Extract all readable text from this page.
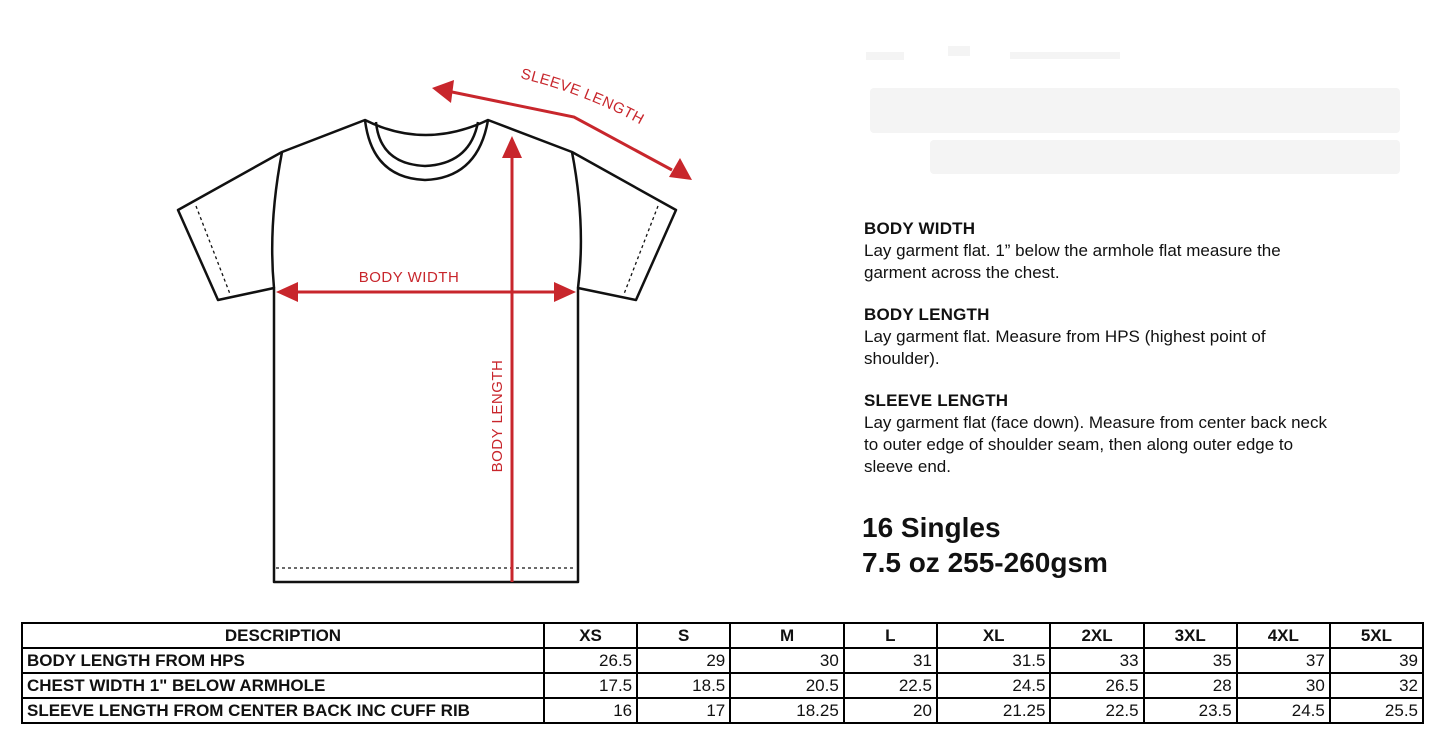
BODY WIDTH
BODY LENGTH
SLEEVE LENGTH
BODY WIDTH

Lay garment flat. 1” below the armhole flat measure the garment across the chest.

BODY LENGTH

Lay garment flat. Measure from HPS (highest point of shoulder).

SLEEVE LENGTH

Lay garment flat (face down). Measure from center back neck to outer edge of shoulder seam, then along outer edge to sleeve end.

16 Singles
7.5 oz 255-260gsm
DESCRIPTION	XS	S	M	L	XL	2XL	3XL	4XL	5XL
BODY LENGTH FROM HPS	26.5	29	30	31	31.5	33	35	37	39
CHEST WIDTH 1" BELOW ARMHOLE	17.5	18.5	20.5	22.5	24.5	26.5	28	30	32
SLEEVE LENGTH FROM CENTER BACK INC CUFF RIB	16	17	18.25	20	21.25	22.5	23.5	24.5	25.5
